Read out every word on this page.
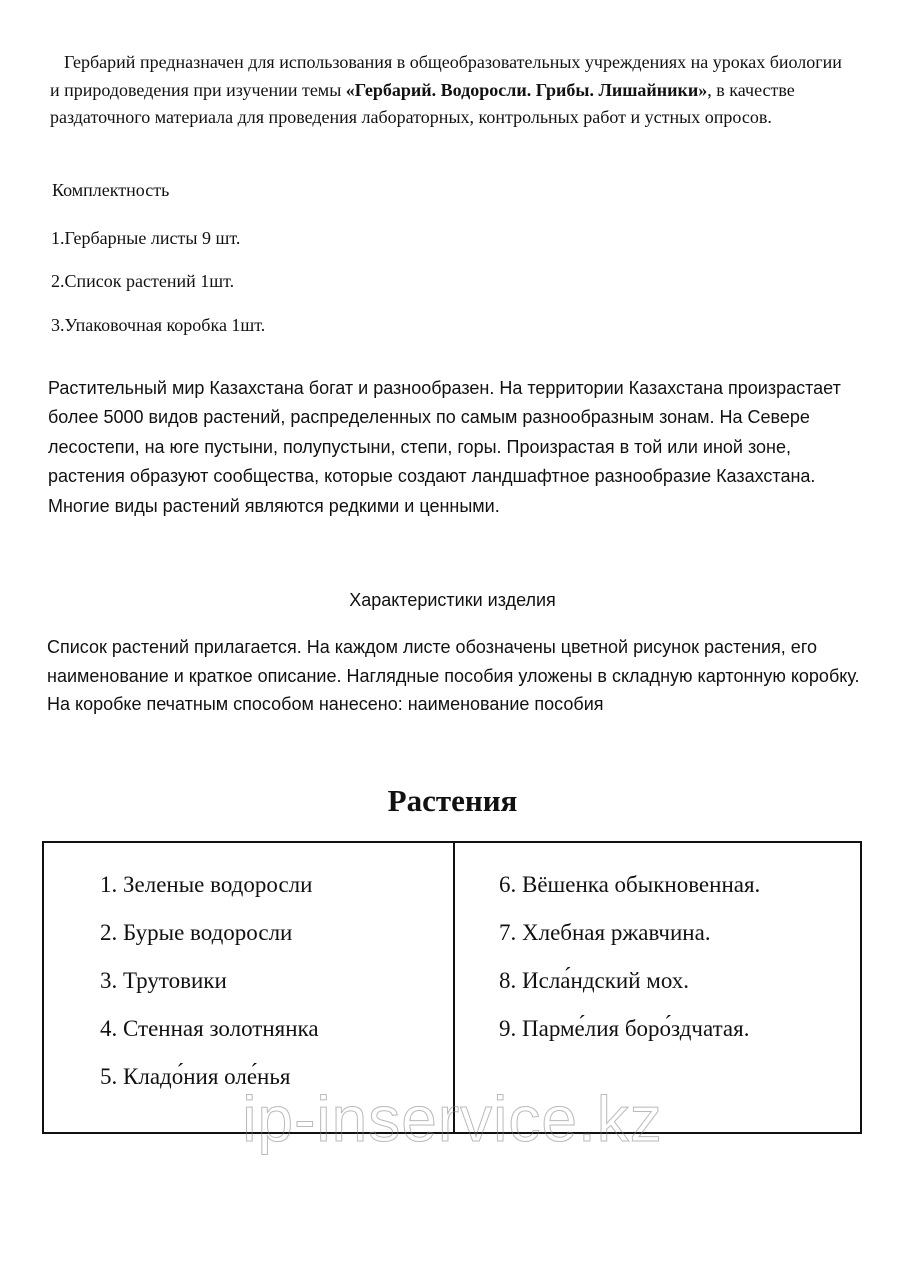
Гербарий предназначен для использования в общеобразовательных учреждениях на уроках биологии и природоведения при изучении темы «Гербарий. Водоросли. Грибы. Лишайники», в качестве раздаточного материала для проведения лабораторных, контрольных работ и устных опросов.

Комплектность

1.Гербарные листы 9 шт.

2.Список растений 1шт.

3.Упаковочная коробка 1шт.

Растительный мир Казахстана богат и разнообразен. На территории Казахстана произрастает более 5000 видов растений, распределенных по самым разнообразным зонам. На Севере лесостепи, на юге пустыни, полупустыни, степи, горы. Произрастая в той или иной зоне, растения образуют сообщества, которые создают ландшафтное разнообразие Казахстана. Многие виды растений являются редкими и ценными.

Характеристики изделия

Список растений прилагается. На каждом листе обозначены цветной рисунок растения, его наименование и краткое описание. Наглядные пособия уложены в складную картонную коробку. На коробке печатным способом нанесено: наименование пособия

Растения
1. Зеленые водоросли
2. Бурые водоросли
3. Трутовики
4. Стенная золотнянка
5. Кладо́ния оле́нья
6. Вёшенка обыкновенная.
7. Хлебная ржавчина.
8. Исла́ндский мох.
9. Парме́лия боро́здчатая.
ip-inservice.kz
